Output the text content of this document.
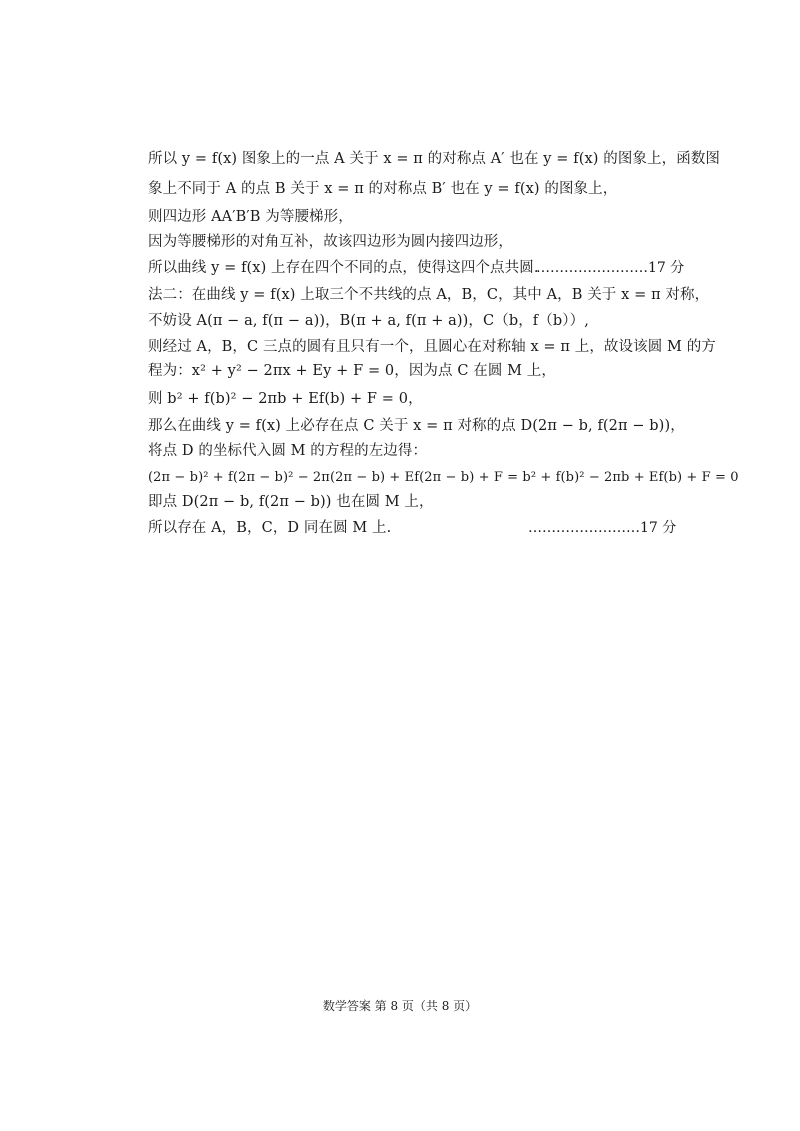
所以 y = f(x) 图象上的一点 A 关于 x = π 的对称点 A′ 也在 y = f(x) 的图象上，函数图
象上不同于 A 的点 B 关于 x = π 的对称点 B′ 也在 y = f(x) 的图象上，
则四边形 AA′B′B 为等腰梯形，
因为等腰梯形的对角互补，故该四边形为圆内接四边形，
所以曲线 y = f(x) 上存在四个不同的点，使得这四个点共圆.
……………………17 分
法二：在曲线 y = f(x) 上取三个不共线的点 A，B，C，其中 A，B 关于 x = π 对称，
不妨设 A(π − a, f(π − a))，B(π + a, f(π + a))，C（b，f（b））,
则经过 A，B，C 三点的圆有且只有一个，且圆心在对称轴 x = π 上，故设该圆 M 的方
程为：x² + y² − 2πx + Ey + F = 0，因为点 C 在圆 M 上，
则 b² + f(b)² − 2πb + Ef(b) + F = 0，
那么在曲线 y = f(x) 上必存在点 C 关于 x = π 对称的点 D(2π − b, f(2π − b))，
将点 D 的坐标代入圆 M 的方程的左边得：
(2π − b)² + f(2π − b)² − 2π(2π − b) + Ef(2π − b) + F = b² + f(b)² − 2πb + Ef(b) + F = 0
即点 D(2π − b, f(2π − b)) 也在圆 M 上，
所以存在 A，B，C，D 同在圆 M 上.	……………………17 分
数学答案 第 8 页（共 8 页）
